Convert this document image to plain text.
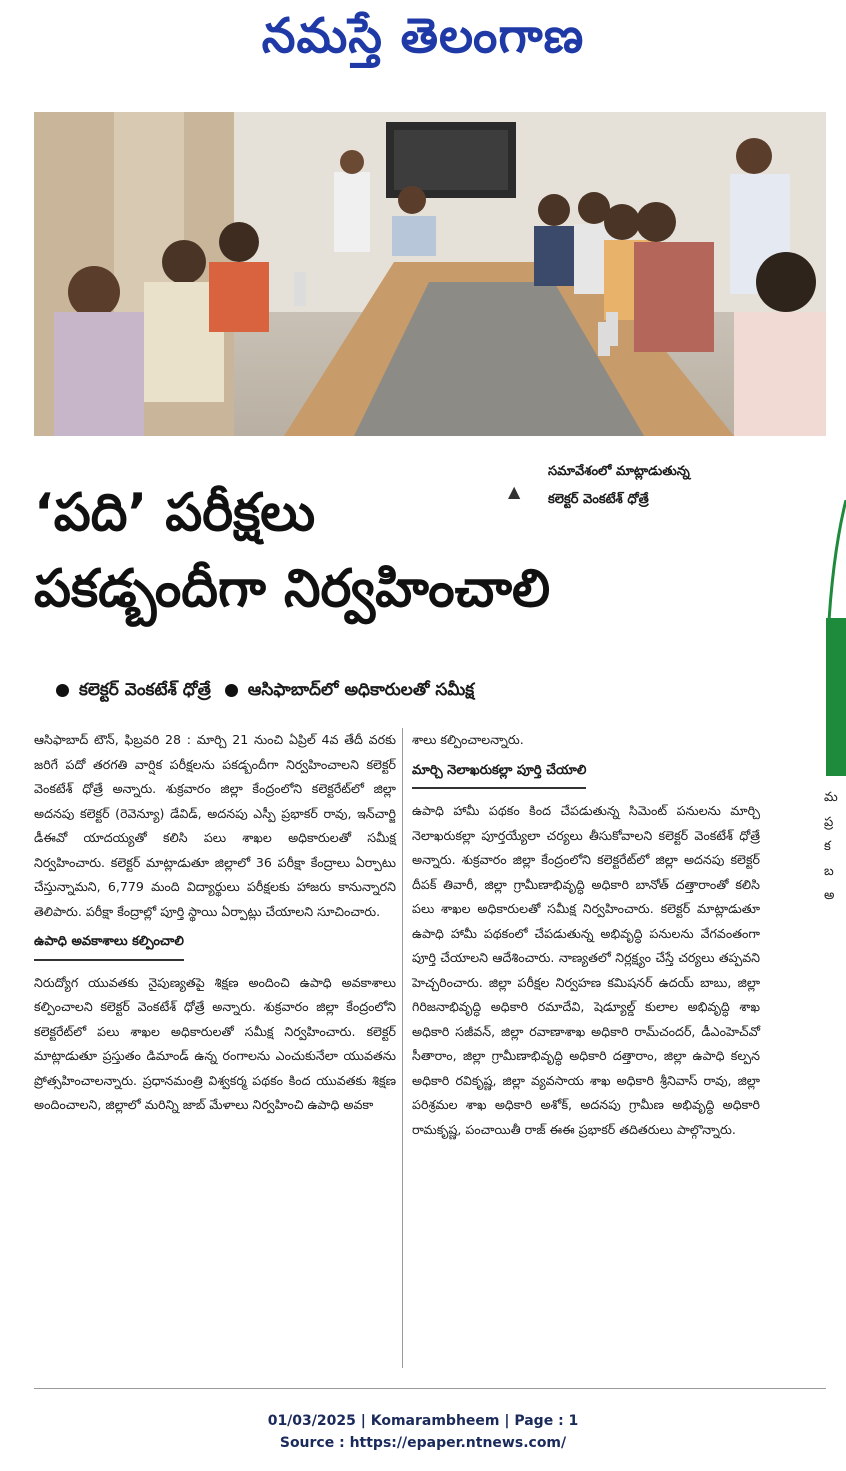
నమస్తే తెలంగాణ
సమావేశంలో మాట్లాడుతున్న
కలెక్టర్ వెంకటేశ్ ధోత్రే
▲
‘పది’ పరీక్షలు
పకడ్బందీగా నిర్వహించాలి
కలెక్టర్ వెంకటేశ్ ధోత్రే	ఆసిఫాబాద్‌లో అధికారులతో సమీక్ష

ఆసిఫాబాద్ టౌన్, ఫిబ్రవరి 28 : మార్చి 21 నుంచి ఏప్రిల్ 4వ తేదీ వరకు జరిగే పదో తరగతి వార్షిక పరీక్షలను పకడ్బందీగా నిర్వహించాలని కలెక్టర్ వెంకటేశ్ ధోత్రే అన్నారు. శుక్రవారం జిల్లా కేంద్రంలోని కలెక్టరేట్‌లో జిల్లా అదనపు కలెక్టర్ (రెవెన్యూ) డేవిడ్, అదనపు ఎస్పీ ప్రభాకర్ రావు, ఇన్‌చార్జి డీఈవో యాదయ్యతో కలిసి పలు శాఖల అధికారులతో సమీక్ష నిర్వహించారు. కలెక్టర్ మాట్లాడుతూ జిల్లాలో 36 పరీక్షా కేంద్రాలు ఏర్పాటు చేస్తున్నామని, 6,779 మంది విద్యార్థులు పరీక్షలకు హాజరు కానున్నారని తెలిపారు. పరీక్షా కేంద్రాల్లో పూర్తి స్థాయి ఏర్పాట్లు చేయాలని సూచించారు.

ఉపాధి అవకాశాలు కల్పించాలి

నిరుద్యోగ యువతకు నైపుణ్యతపై శిక్షణ అందించి ఉపాధి అవకాశాలు కల్పించాలని కలెక్టర్ వెంకటేశ్ ధోత్రే అన్నారు. శుక్రవారం జిల్లా కేంద్రంలోని కలెక్టరేట్‌లో పలు శాఖల అధికారులతో సమీక్ష నిర్వహించారు. కలెక్టర్ మాట్లాడుతూ ప్రస్తుతం డిమాండ్ ఉన్న రంగాలను ఎంచుకునేలా యువతను ప్రోత్సహించాలన్నారు. ప్రధానమంత్రి విశ్వకర్మ పథకం కింద యువతకు శిక్షణ అందించాలని, జిల్లాలో మరిన్ని జాబ్ మేళాలు నిర్వహించి ఉపాధి అవకా

శాలు కల్పించాలన్నారు.

మార్చి నెలాఖరుకల్లా పూర్తి చేయాలి

ఉపాధి హామీ పథకం కింద చేపడుతున్న సిమెంట్ పనులను మార్చి నెలాఖరుకల్లా పూర్తయ్యేలా చర్యలు తీసుకోవాలని కలెక్టర్ వెంకటేశ్ ధోత్రే అన్నారు. శుక్రవారం జిల్లా కేంద్రంలోని కలెక్టరేట్‌లో జిల్లా అదనపు కలెక్టర్ దీపక్ తివారీ, జిల్లా గ్రామీణాభివృద్ధి అధికారి బానోత్ దత్తారాంతో కలిసి పలు శాఖల అధికారులతో సమీక్ష నిర్వహించారు. కలెక్టర్ మాట్లాడుతూ ఉపాధి హామీ పథకంలో చేపడుతున్న అభివృద్ధి పనులను వేగవంతంగా పూర్తి చేయాలని ఆదేశించారు. నాణ్యతలో నిర్లక్ష్యం చేస్తే చర్యలు తప్పవని హెచ్చరించారు. జిల్లా పరీక్షల నిర్వహణ కమిషనర్ ఉదయ్ బాబు, జిల్లా గిరిజనాభివృద్ధి అధికారి రమాదేవి, షెడ్యూల్డ్ కులాల అభివృద్ధి శాఖ అధికారి సజీవన్, జిల్లా రవాణాశాఖ అధికారి రామ్‌చందర్, డీఎంహెచ్‌వో సీతారాం, జిల్లా గ్రామీణాభివృద్ధి అధికారి దత్తారాం, జిల్లా ఉపాధి కల్పన అధికారి రవికృష్ణ, జిల్లా వ్యవసాయ శాఖ అధికారి శ్రీనివాస్ రావు, జిల్లా పరిశ్రమల శాఖ అధికారి అశోక్, అదనపు గ్రామీణ అభివృద్ధి అధికారి రామకృష్ణ, పంచాయితీ రాజ్ ఈఈ ప్రభాకర్ తదితరులు పాల్గొన్నారు.

మ
ప్ర
క
బ
అ
01/03/2025 | Komarambheem | Page : 1
Source : https://epaper.ntnews.com/
